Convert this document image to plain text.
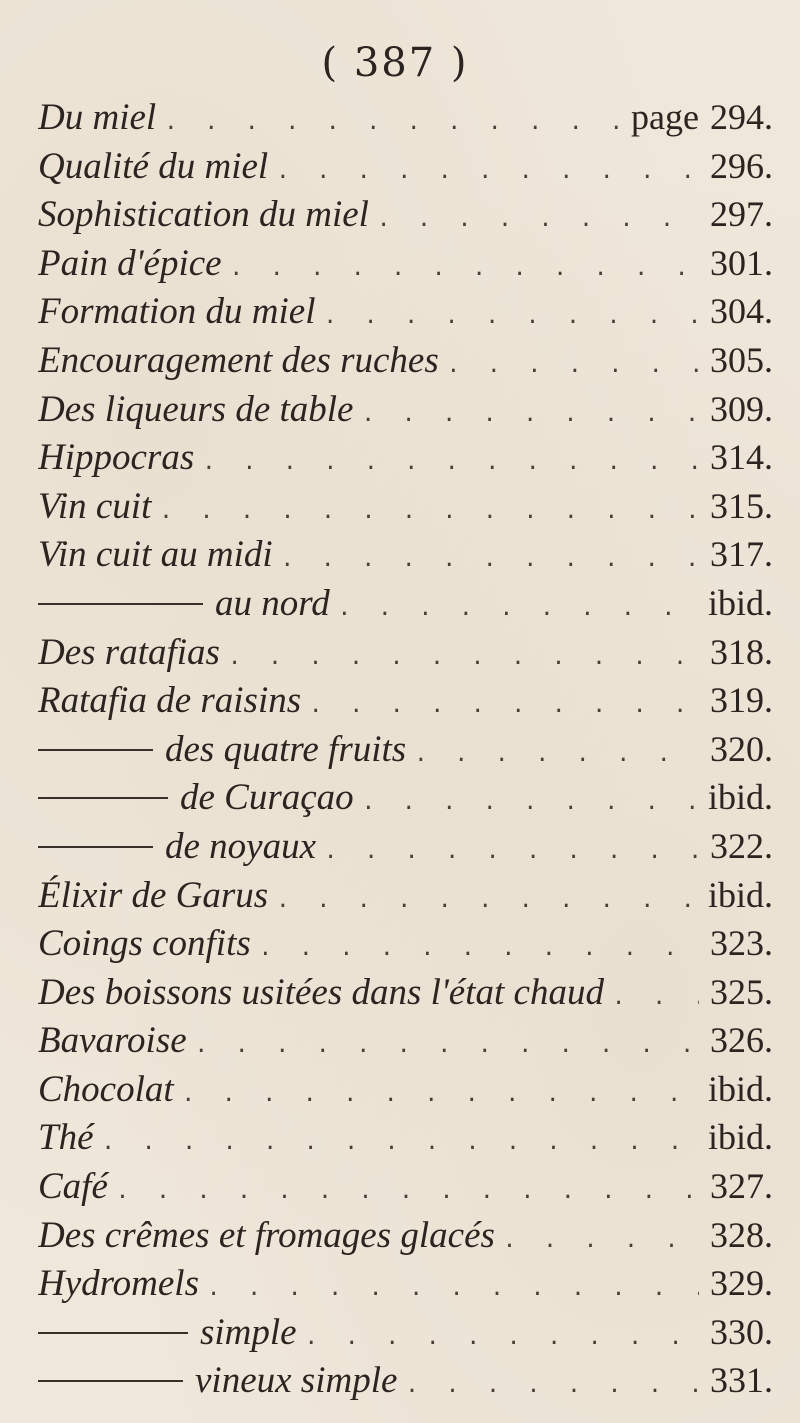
( 387 )
Du miel . . .	page 294.
Qualité du miel . . .	296.
Sophistication du miel . . .	297.
Pain d'épice . . .	301.
Formation du miel . . .	304.
Encouragement des ruches . . .	305.
Des liqueurs de table . . .	309.
Hippocras . . .	314.
Vin cuit . . .	315.
Vin cuit au midi . . .	317.
au nord . . .	ibid.
Des ratafias . . .	318.
Ratafia de raisins . . .	319.
des quatre fruits . . .	320.
de Curaçao . . .	ibid.
de noyaux . . .	322.
Élixir de Garus . . .	ibid.
Coings confits . . .	323.
Des boissons usitées dans l'état chaud . . .	325.
Bavaroise . . .	326.
Chocolat . . .	ibid.
Thé . . .	ibid.
Café . . .	327.
Des crêmes et fromages glacés . . .	328.
Hydromels . . .	329.
simple . . .	330.
vineux simple . . .	331.
